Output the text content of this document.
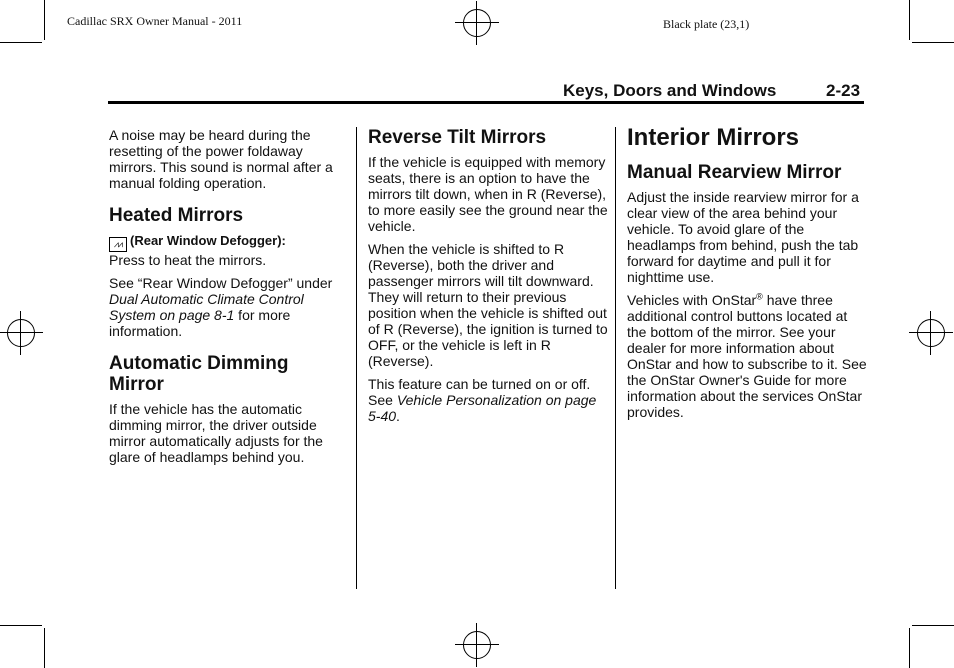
Cadillac SRX Owner Manual - 2011	Black plate (23,1)
Keys, Doors and Windows	2-23

A noise may be heard during the resetting of the power foldaway mirrors. This sound is normal after a manual folding operation.

Heated Mirrors

⩘⩘ (Rear Window Defogger):
Press to heat the mirrors.

See “Rear Window Defogger” under Dual Automatic Climate Control System on page 8-1 for more information.

Automatic Dimming Mirror

If the vehicle has the automatic dimming mirror, the driver outside mirror automatically adjusts for the glare of headlamps behind you.

Reverse Tilt Mirrors

If the vehicle is equipped with memory seats, there is an option to have the mirrors tilt down, when in R (Reverse), to more easily see the ground near the vehicle.

When the vehicle is shifted to R (Reverse), both the driver and passenger mirrors will tilt downward. They will return to their previous position when the vehicle is shifted out of R (Reverse), the ignition is turned to OFF, or the vehicle is left in R (Reverse).

This feature can be turned on or off. See Vehicle Personalization on page 5-40.

Interior Mirrors
Manual Rearview Mirror

Adjust the inside rearview mirror for a clear view of the area behind your vehicle. To avoid glare of the headlamps from behind, push the tab forward for daytime and pull it for nighttime use.

Vehicles with OnStar® have three additional control buttons located at the bottom of the mirror. See your dealer for more information about OnStar and how to subscribe to it. See the OnStar Owner's Guide for more information about the services OnStar provides.
